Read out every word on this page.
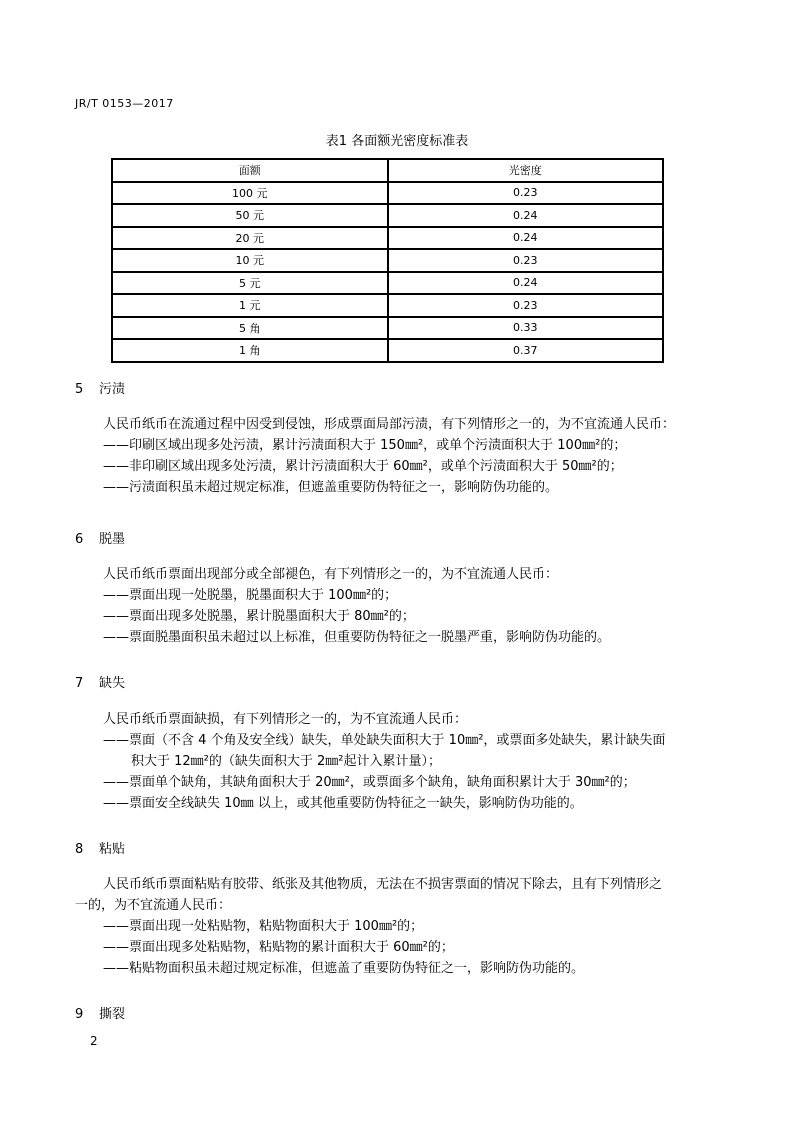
JR/T 0153—2017
表1 各面额光密度标准表
面额	光密度
100 元	0.23
50 元	0.24
20 元	0.24
10 元	0.23
5 元	0.24
1 元	0.23
5 角	0.33
1 角	0.37
5 污渍
人民币纸币在流通过程中因受到侵蚀，形成票面局部污渍，有下列情形之一的，为不宜流通人民币：
——印刷区域出现多处污渍，累计污渍面积大于 150㎜²，或单个污渍面积大于 100㎜²的；
——非印刷区域出现多处污渍，累计污渍面积大于 60㎜²，或单个污渍面积大于 50㎜²的；
——污渍面积虽未超过规定标准，但遮盖重要防伪特征之一，影响防伪功能的。
6 脱墨
人民币纸币票面出现部分或全部褪色，有下列情形之一的，为不宜流通人民币：
——票面出现一处脱墨，脱墨面积大于 100㎜²的；
——票面出现多处脱墨，累计脱墨面积大于 80㎜²的；
——票面脱墨面积虽未超过以上标准，但重要防伪特征之一脱墨严重，影响防伪功能的。
7 缺失
人民币纸币票面缺损，有下列情形之一的，为不宜流通人民币：
——票面（不含 4 个角及安全线）缺失，单处缺失面积大于 10㎜²，或票面多处缺失，累计缺失面
积大于 12㎜²的（缺失面积大于 2㎜²起计入累计量）；
——票面单个缺角，其缺角面积大于 20㎜²，或票面多个缺角，缺角面积累计大于 30㎜²的；
——票面安全线缺失 10㎜ 以上，或其他重要防伪特征之一缺失，影响防伪功能的。
8 粘贴
人民币纸币票面粘贴有胶带、纸张及其他物质，无法在不损害票面的情况下除去，且有下列情形之
一的，为不宜流通人民币：
——票面出现一处粘贴物，粘贴物面积大于 100㎜²的；
——票面出现多处粘贴物，粘贴物的累计面积大于 60㎜²的；
——粘贴物面积虽未超过规定标准，但遮盖了重要防伪特征之一，影响防伪功能的。
9 撕裂
2
